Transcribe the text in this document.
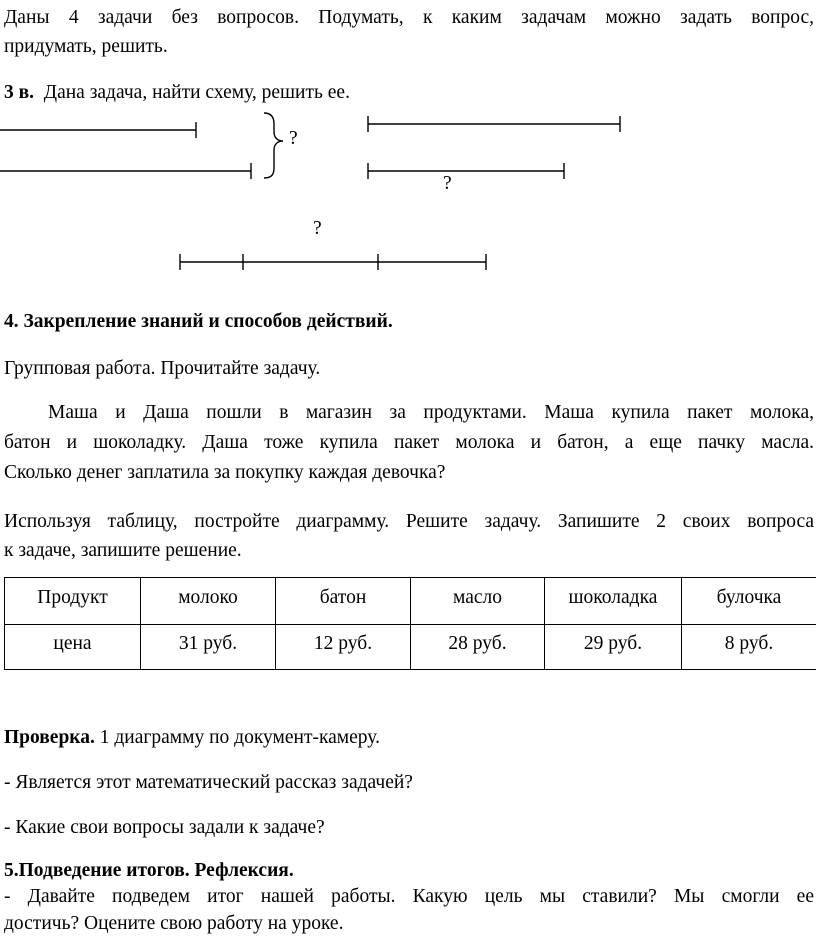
Даны 4 задачи без вопросов. Подумать, к каким задачам можно задать вопрос,
придумать, решить.
3 в. Дана задача, найти схему, решить ее.
?
?
?
4. Закрепление знаний и способов действий.
Групповая работа. Прочитайте задачу.
Маша и Даша пошли в магазин за продуктами. Маша купила пакет молока,
батон и шоколадку. Даша тоже купила пакет молока и батон, а еще пачку масла.
Сколько денег заплатила за покупку каждая девочка?
Используя таблицу, постройте диаграмму. Решите задачу. Запишите 2 своих вопроса
к задаче, запишите решение.
Продукт	молоко	батон	масло	шоколадка	булочка
цена	31 руб.	12 руб.	28 руб.	29 руб.	8 руб.
Проверка. 1 диаграмму по документ-камеру.
- Является этот математический рассказ задачей?
- Какие свои вопросы задали к задаче?
5.Подведение итогов. Рефлексия.
- Давайте подведем итог нашей работы. Какую цель мы ставили? Мы смогли ее
достичь? Оцените свою работу на уроке.
